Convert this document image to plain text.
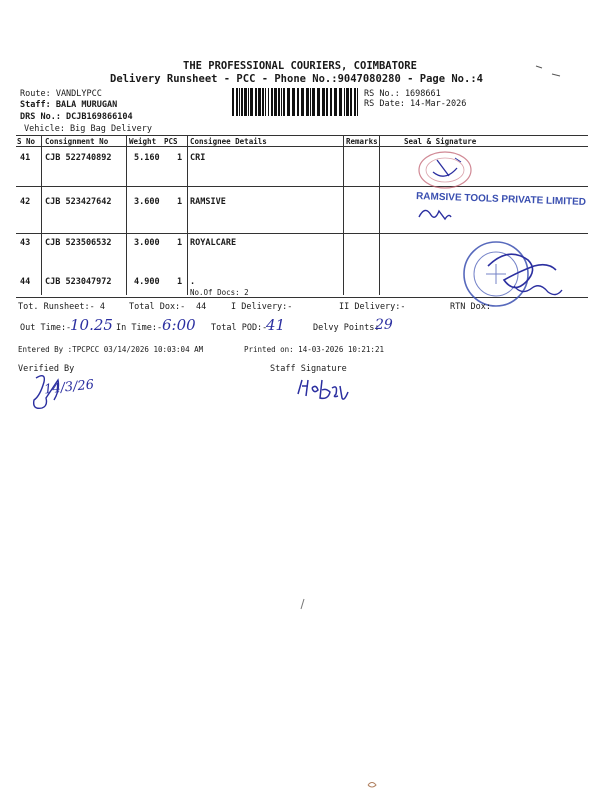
THE PROFESSIONAL COURIERS, COIMBATORE
Delivery Runsheet - PCC - Phone No.:9047080280 - Page No.:4
Route: VANDLYPCC
Staff: BALA MURUGAN
DRS No.: DCJB169866104
Vehicle: Big Bag Delivery
RS No.: 1698661
RS Date: 14-Mar-2026
S No Consignment No	Weight PCS Consignee Details	Remarks	Seal & Signature
41 CJB 522740892	5.160 1 CRI
42 CJB 523427642	3.600 1 RAMSIVE
43 CJB 523506532	3.000 1 ROYALCARE
44 CJB 523047972	4.900 1 .
No.Of Docs: 2
RAMSIVE TOOLS PRIVATE LIMITED
Tot. Runsheet:- 4	Total Dox:- 44	I Delivery:-	II Delivery:-	RTN Dox:
Out Time:-
10.25 In Time:- 6:00 Total POD:-
41	Delvy Points:
29
Entered By :TPCPCC 03/14/2026 10:03:04 AM	Printed on: 14-03-2026 10:21:21
Verified By	Staff Signature
14/3/26
